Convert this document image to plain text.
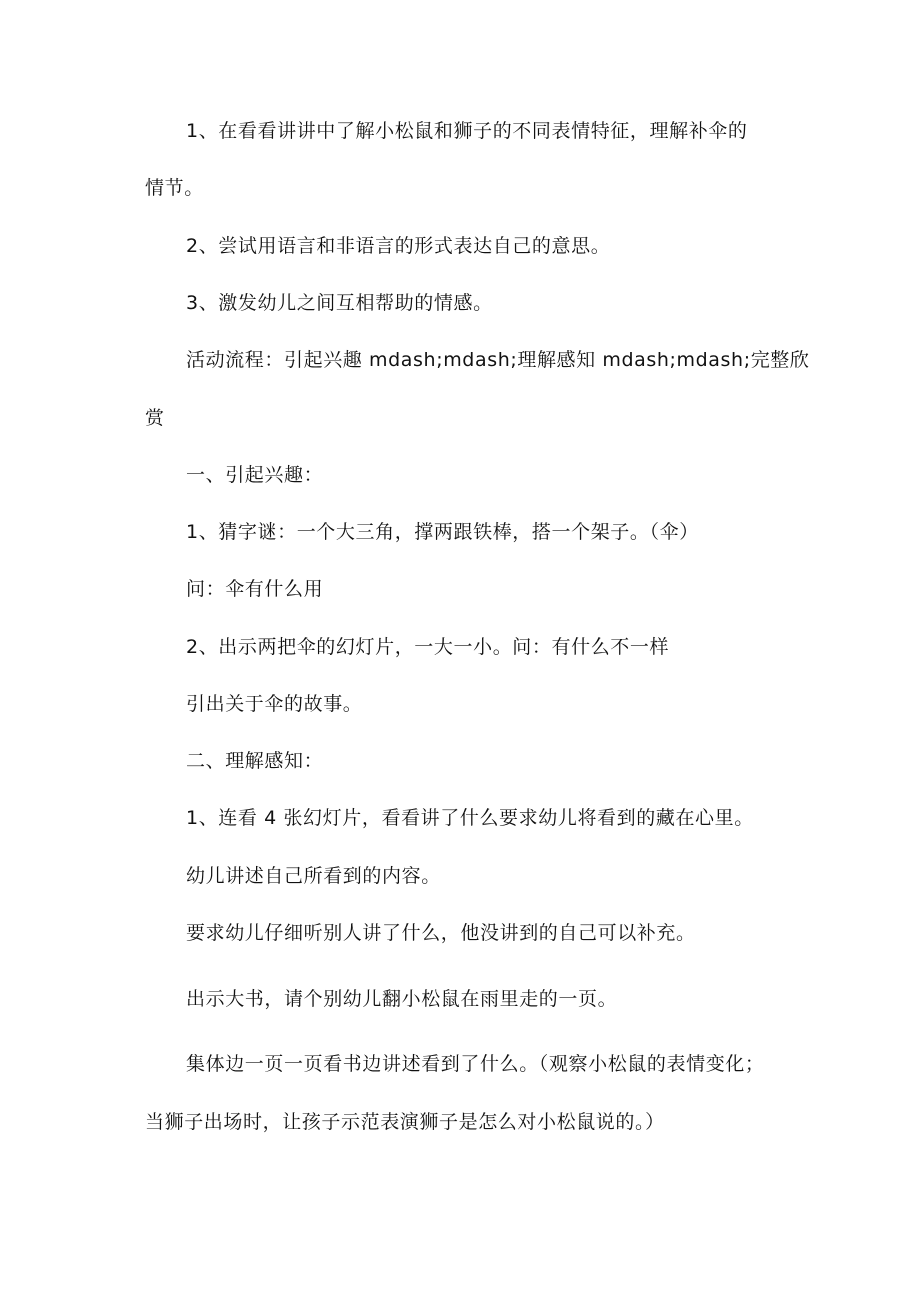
1、在看看讲讲中了解小松鼠和狮子的不同表情特征，理解补伞的
情节。
2、尝试用语言和非语言的形式表达自己的意思。
3、激发幼儿之间互相帮助的情感。
活动流程：引起兴趣 mdash;mdash;理解感知 mdash;mdash;完整欣
赏
一、引起兴趣：
1、猜字谜：一个大三角，撑两跟铁棒，搭一个架子。（伞）
问：伞有什么用
2、出示两把伞的幻灯片，一大一小。问：有什么不一样
引出关于伞的故事。
二、理解感知：
1、连看 4 张幻灯片，看看讲了什么要求幼儿将看到的藏在心里。
幼儿讲述自己所看到的内容。
要求幼儿仔细听别人讲了什么，他没讲到的自己可以补充。
出示大书，请个别幼儿翻小松鼠在雨里走的一页。
集体边一页一页看书边讲述看到了什么。（观察小松鼠的表情变化；
当狮子出场时，让孩子示范表演狮子是怎么对小松鼠说的。）
